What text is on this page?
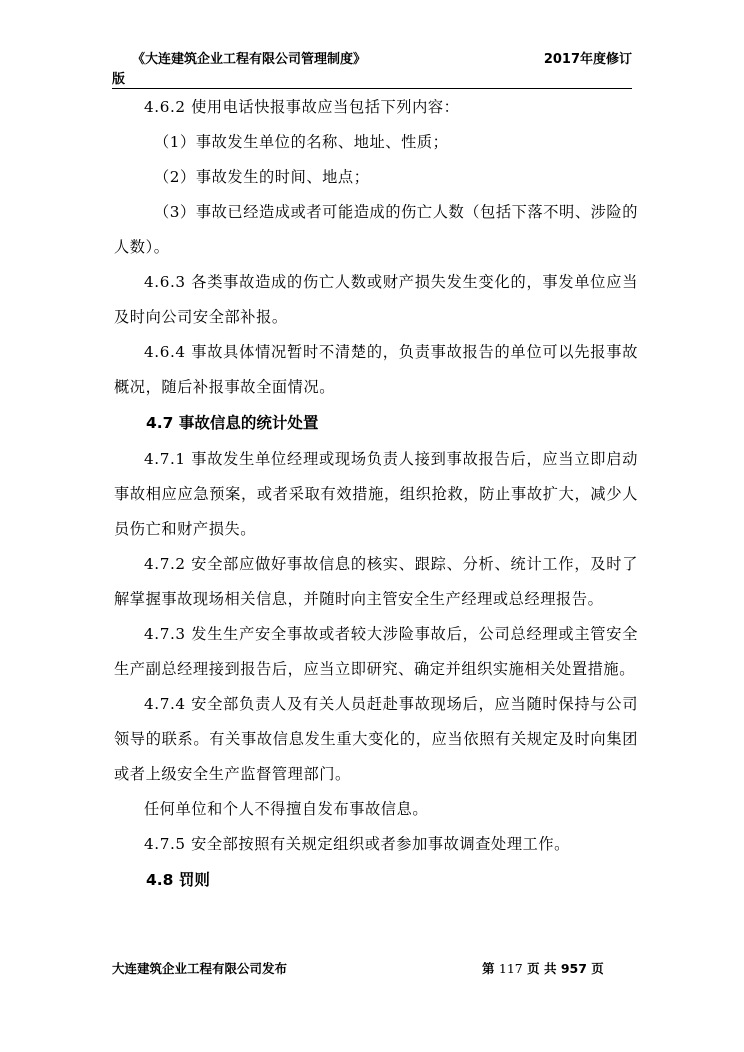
《大连建筑企业工程有限公司管理制度》	2017年度修订
版

4.6.2 使用电话快报事故应当包括下列内容：

（1）事故发生单位的名称、地址、性质；

（2）事故发生的时间、地点；

（3）事故已经造成或者可能造成的伤亡人数（包括下落不明、涉险的人数）。

4.6.3 各类事故造成的伤亡人数或财产损失发生变化的，事发单位应当及时向公司安全部补报。

4.6.4 事故具体情况暂时不清楚的，负责事故报告的单位可以先报事故概况，随后补报事故全面情况。

4.7 事故信息的统计处置

4.7.1 事故发生单位经理或现场负责人接到事故报告后，应当立即启动事故相应应急预案，或者采取有效措施，组织抢救，防止事故扩大，减少人员伤亡和财产损失。

4.7.2 安全部应做好事故信息的核实、跟踪、分析、统计工作，及时了解掌握事故现场相关信息，并随时向主管安全生产经理或总经理报告。

4.7.3 发生生产安全事故或者较大涉险事故后，公司总经理或主管安全生产副总经理接到报告后，应当立即研究、确定并组织实施相关处置措施。

4.7.4 安全部负责人及有关人员赶赴事故现场后，应当随时保持与公司领导的联系。有关事故信息发生重大变化的，应当依照有关规定及时向集团或者上级安全生产监督管理部门。

任何单位和个人不得擅自发布事故信息。

4.7.5 安全部按照有关规定组织或者参加事故调查处理工作。

4.8 罚则
大连建筑企业工程有限公司发布	第 117 页 共 957 页
